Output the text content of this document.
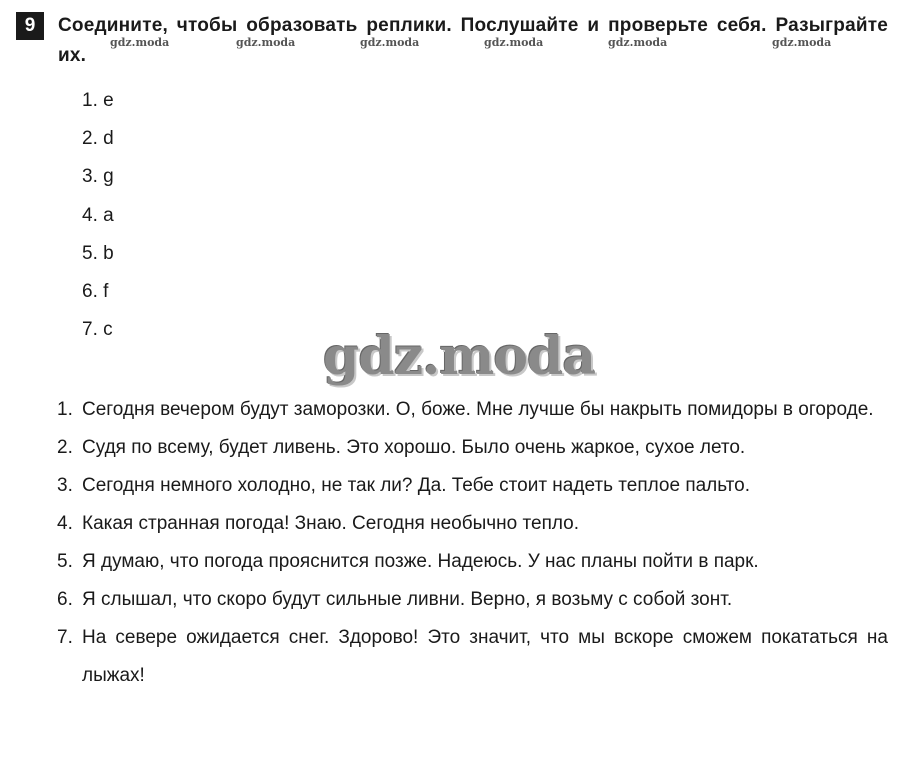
9	Соедините, чтобы образовать реплики. Послушайте и проверьте себя. Разыграйте их.
gdz.moda	gdz.moda	gdz.moda	gdz.moda	gdz.moda	gdz.moda
1. e
2. d
3. g
4. a
5. b
6. f
7. c	gdz.moda
1. Сегодня вечером будут заморозки. О, боже. Мне лучше бы накрыть помидоры в огороде.
2. Судя по всему, будет ливень. Это хорошо. Было очень жаркое, сухое лето.
3. Сегодня немного холодно, не так ли? Да. Тебе стоит надеть теплое пальто.
4. Какая странная погода! Знаю. Сегодня необычно тепло.
5. Я думаю, что погода прояснится позже. Надеюсь. У нас планы пойти в парк.
6. Я слышал, что скоро будут сильные ливни. Верно, я возьму с собой зонт.
7. На севере ожидается снег. Здорово! Это значит, что мы вскоре сможем покататься на лыжах!
